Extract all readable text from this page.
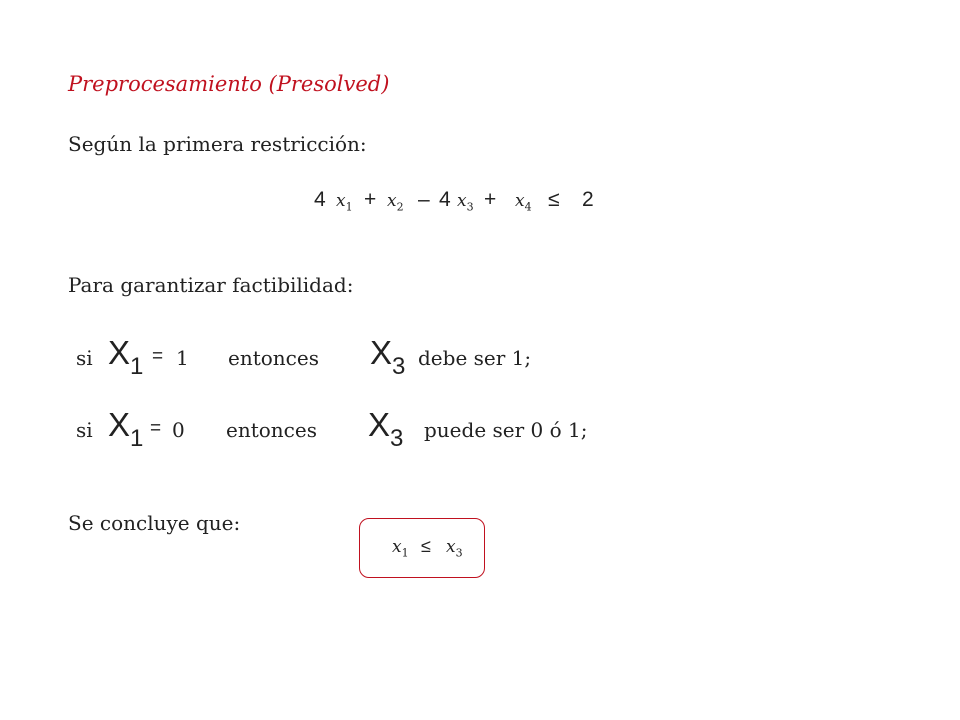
Preprocesamiento (Presolved)
Según la primera restricción:
4 $x_1 + x_2 - 4$ $x_3 + x_4 \le 2$
Para garantizar factibilidad:
si $X_1 = 1$ entonces $X_3$ debe ser 1;
si $X_1 = 0$ entonces $X_3$ puede ser 0 ó 1;
Se concluye que:
$x_1 \le x_3$
